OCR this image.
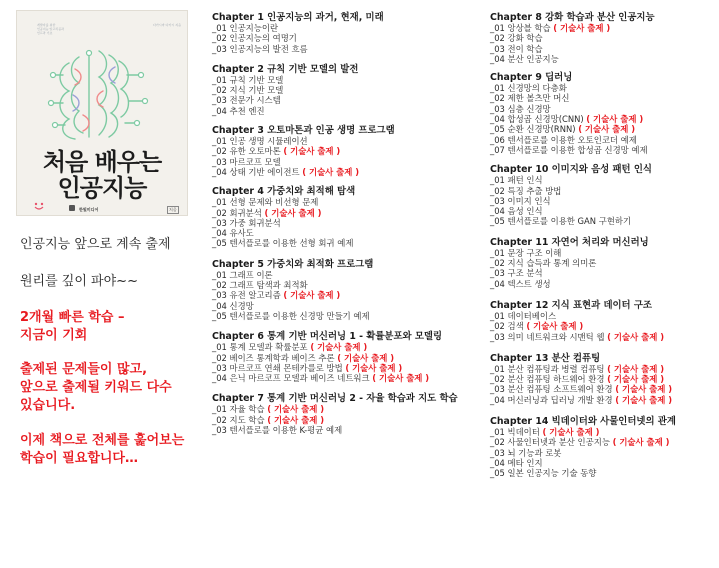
개발자를 위한
인공지능 알고리즘과
인프라 기초
다카시마 다카시 지음
처음 배우는
인공지능
한빛미디어	처음
인공지능 앞으로 계속 출제
원리를 깊이 파야~~
2개월 빠른 학습 –
지금이 기회
출제된 문제들이 많고,
앞으로 출제될 키워드 다수
있습니다.
이제 책으로 전체를 훑어보는
학습이 필요합니다…
Chapter 1 인공지능의 과거, 현재, 미래
_01 인공지능이란
_02 인공지능의 여명기
_03 인공지능의 발전 흐름
Chapter 2 규칙 기반 모델의 발전
_01 규칙 기반 모델
_02 지식 기반 모델
_03 전문가 시스템
_04 추천 엔진
Chapter 3 오토마톤과 인공 생명 프로그램
_01 인공 생명 시뮬레이션
_02 유한 오토마톤 ( 기술사 출제 )
_03 마르코프 모델
_04 상태 기반 에이전트 ( 기술사 출제 )
Chapter 4 가중치와 최적해 탐색
_01 선형 문제와 비선형 문제
_02 회귀분석 ( 기술사 출제 )
_03 가중 회귀분석
_04 유사도
_05 텐서플로를 이용한 선형 회귀 예제
Chapter 5 가중치와 최적화 프로그램
_01 그래프 이론
_02 그래프 탐색과 최적화
_03 유전 알고리즘 ( 기술사 출제 )
_04 신경망
_05 텐서플로를 이용한 신경망 만들기 예제
Chapter 6 통계 기반 머신러닝 1 - 확률분포와 모델링
_01 통계 모델과 확률분포 ( 기술사 출제 )
_02 베이즈 통계학과 베이즈 추론 ( 기술사 출제 )
_03 마르코프 연쇄 몬테카를로 방법 ( 기술사 출제 )
_04 은닉 마르코프 모델과 베이즈 네트워크 ( 기술사 출제 )
Chapter 7 통계 기반 머신러닝 2 - 자율 학습과 지도 학습
_01 자율 학습 ( 기술사 출제 )
_02 지도 학습 ( 기술사 출제 )
_03 텐서플로를 이용한 K-평균 예제
Chapter 8 강화 학습과 분산 인공지능
_01 앙상블 학습 ( 기술사 출제 )
_02 강화 학습
_03 전이 학습
_04 분산 인공지능
Chapter 9 딥러닝
_01 신경망의 다층화
_02 제한 볼츠만 머신
_03 심층 신경망
_04 합성곱 신경망(CNN) ( 기술사 출제 )
_05 순환 신경망(RNN) ( 기술사 출제 )
_06 텐서플로를 이용한 오토인코더 예제
_07 텐서플로를 이용한 합성곱 신경망 예제
Chapter 10 이미지와 음성 패턴 인식
_01 패턴 인식
_02 특징 추출 방법
_03 이미지 인식
_04 음성 인식
_05 텐서플로를 이용한 GAN 구현하기
Chapter 11 자연어 처리와 머신러닝
_01 문장 구조 이해
_02 지식 습득과 통계 의미론
_03 구조 분석
_04 텍스트 생성
Chapter 12 지식 표현과 데이터 구조
_01 데이터베이스
_02 검색 ( 기술사 출제 )
_03 의미 네트워크와 시맨틱 웹 ( 기술사 출제 )
Chapter 13 분산 컴퓨팅
_01 분산 컴퓨팅과 병렬 컴퓨팅 ( 기술사 출제 )
_02 분산 컴퓨팅 하드웨어 환경 ( 기술사 출제 )
_03 분산 컴퓨팅 소프트웨어 환경 ( 기술사 출제 )
_04 머신러닝과 딥러닝 개발 환경 ( 기술사 출제 )
Chapter 14 빅데이터와 사물인터넷의 관계
_01 빅데이터 ( 기술사 출제 )
_02 사물인터넷과 분산 인공지능 ( 기술사 출제 )
_03 뇌 기능과 로봇
_04 메타 인지
_05 일본 인공지능 기술 동향
